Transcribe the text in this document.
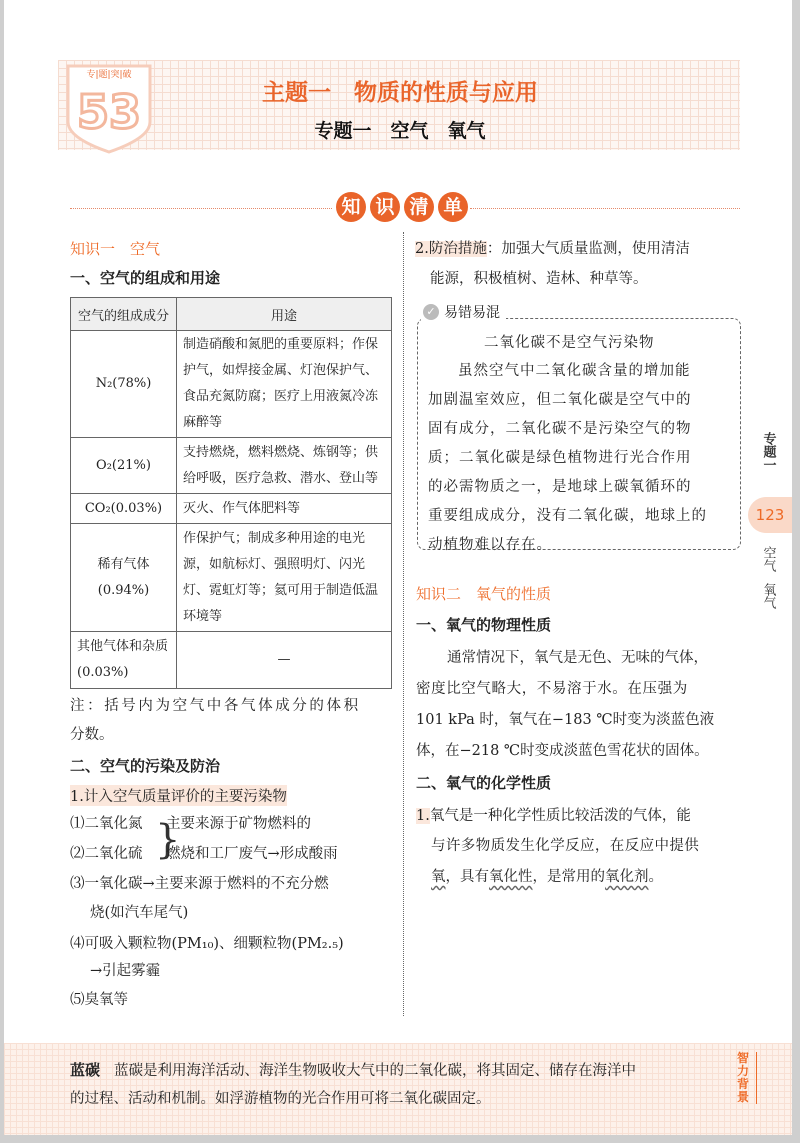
专|题|突|破
53	主题一　物质的性质与应用
专题一　空气　氧气
知 识 清 单
知识一　空气
一、空气的组成和用途
空气的组成成分	用途
N₂(78%)	制造硝酸和氮肥的重要原料；作保护气，如焊接金属、灯泡保护气、食品充氮防腐；医疗上用液氮冷冻麻醉等
O₂(21%)	支持燃烧，燃料燃烧、炼钢等；供给呼吸，医疗急救、潜水、登山等
CO₂(0.03%)	灭火、作气体肥料等
稀有气体(0.94%)	作保护气；制成多种用途的电光源，如航标灯、强照明灯、闪光灯、霓虹灯等；氦可用于制造低温环境等
其他气体和杂质(0.03%)	—
注：括号内为空气中各气体成分的体积
分数。
二、空气的污染及防治
1.计入空气质量评价的主要污染物
⑴二氧化氮
⑵二氧化硫 }
主要来源于矿物燃料的
燃烧和工厂废气→形成酸雨
⑶一氧化碳→主要来源于燃料的不充分燃
烧(如汽车尾气)
⑷可吸入颗粒物(PM₁₀)、细颗粒物(PM₂.₅)
→引起雾霾
⑸臭氧等
2.防治措施：加强大气质量监测，使用清洁
能源，积极植树、造林、种草等。
✓ 易错易混
二氧化碳不是空气污染物
虽然空气中二氧化碳含量的增加能
加剧温室效应，但二氧化碳是空气中的
固有成分，二氧化碳不是污染空气的物
质；二氧化碳是绿色植物进行光合作用
的必需物质之一，是地球上碳氧循环的
重要组成成分，没有二氧化碳，地球上的
动植物难以存在。
知识二　氧气的性质
一、氧气的物理性质
通常情况下，氧气是无色、无味的气体，
密度比空气略大，不易溶于水。在压强为
101 kPa 时，氧气在−183 ℃时变为淡蓝色液
体，在−218 ℃时变成淡蓝色雪花状的固体。
二、氧气的化学性质
1.氧气是一种化学性质比较活泼的气体，能
与许多物质发生化学反应，在反应中提供
氧，具有氧化性，是常用的氧化剂。
专题一
123
空气
氧气
蓝碳 蓝碳是利用海洋活动、海洋生物吸收大气中的二氧化碳，将其固定、储存在海洋中
的过程、活动和机制。如浮游植物的光合作用可将二氧化碳固定。
智力背景
